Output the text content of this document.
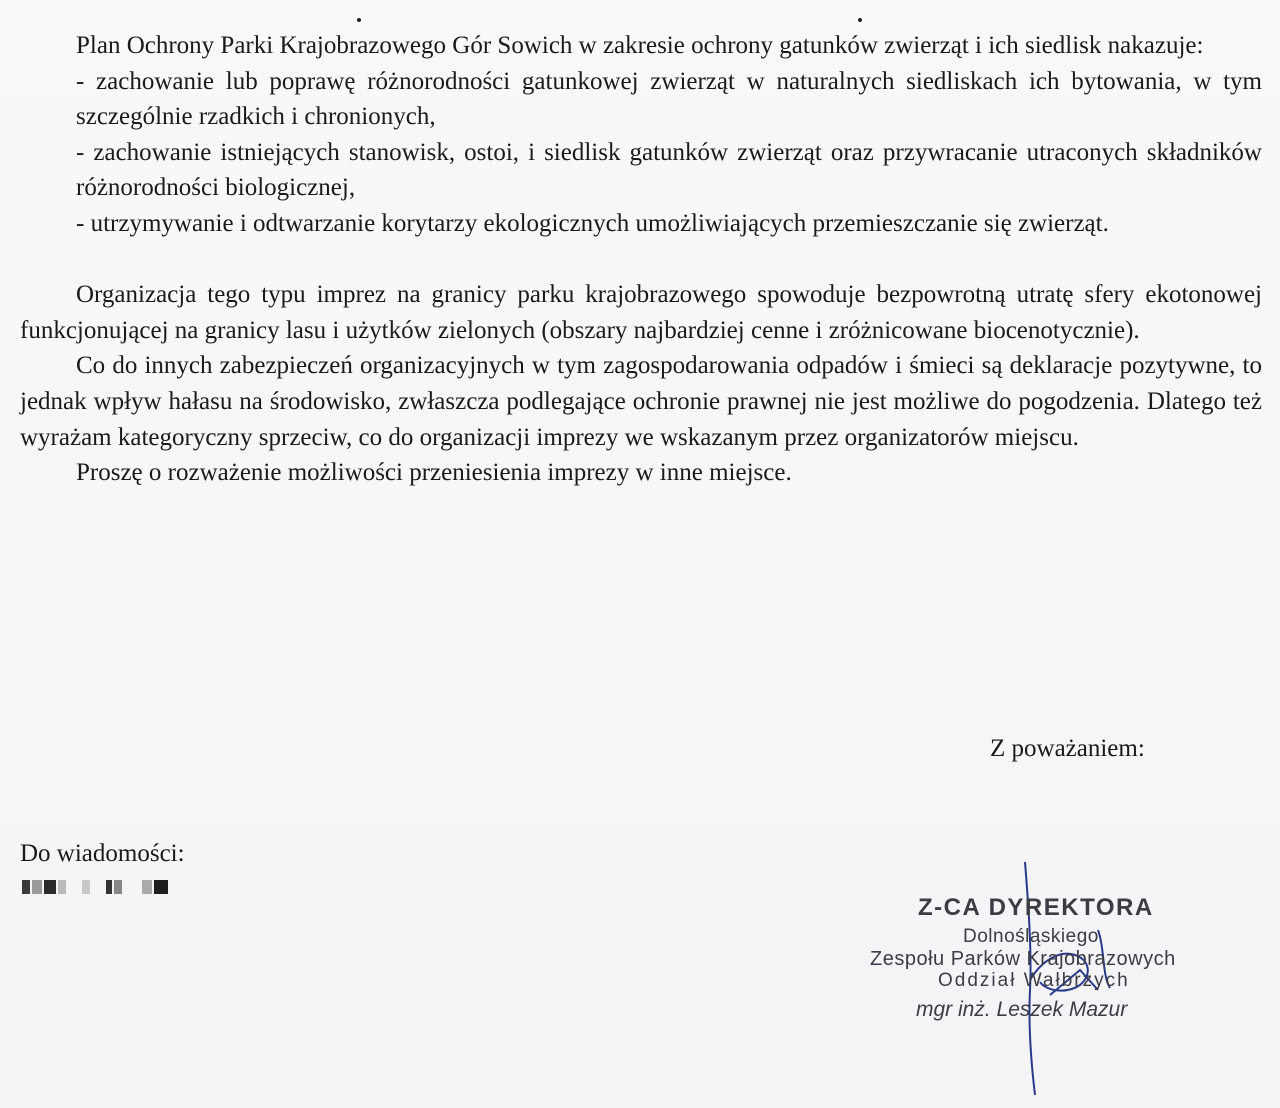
Plan Ochrony Parki Krajobrazowego Gór Sowich w zakresie ochrony gatunków zwierząt i ich siedlisk nakazuje:

- zachowanie lub poprawę różnorodności gatunkowej zwierząt w naturalnych siedliskach ich bytowania, w tym szczególnie rzadkich i chronionych,

- zachowanie istniejących stanowisk, ostoi, i siedlisk gatunków zwierząt oraz przywracanie utraconych składników różnorodności biologicznej,

- utrzymywanie i odtwarzanie korytarzy ekologicznych umożliwiających przemieszczanie się zwierząt.

Organizacja tego typu imprez na granicy parku krajobrazowego spowoduje bezpowrotną utratę sfery ekotonowej funkcjonującej na granicy lasu i użytków zielonych (obszary najbardziej cenne i zróżnicowane biocenotycznie).

Co do innych zabezpieczeń organizacyjnych w tym zagospodarowania odpadów i śmieci są deklaracje pozytywne, to jednak wpływ hałasu na środowisko, zwłaszcza podlegające ochronie prawnej nie jest możliwe do pogodzenia. Dlatego też wyrażam kategoryczny sprzeciw, co do organizacji imprezy we wskazanym przez organizatorów miejscu.

Proszę o rozważenie możliwości przeniesienia imprezy w inne miejsce.

Z poważaniem:
Do wiadomości:
Z-CA DYREKTORA
Dolnośląskiego
Zespołu Parków Krajobrazowych
Oddział Wałbrzych
mgr inż. Leszek Mazur
